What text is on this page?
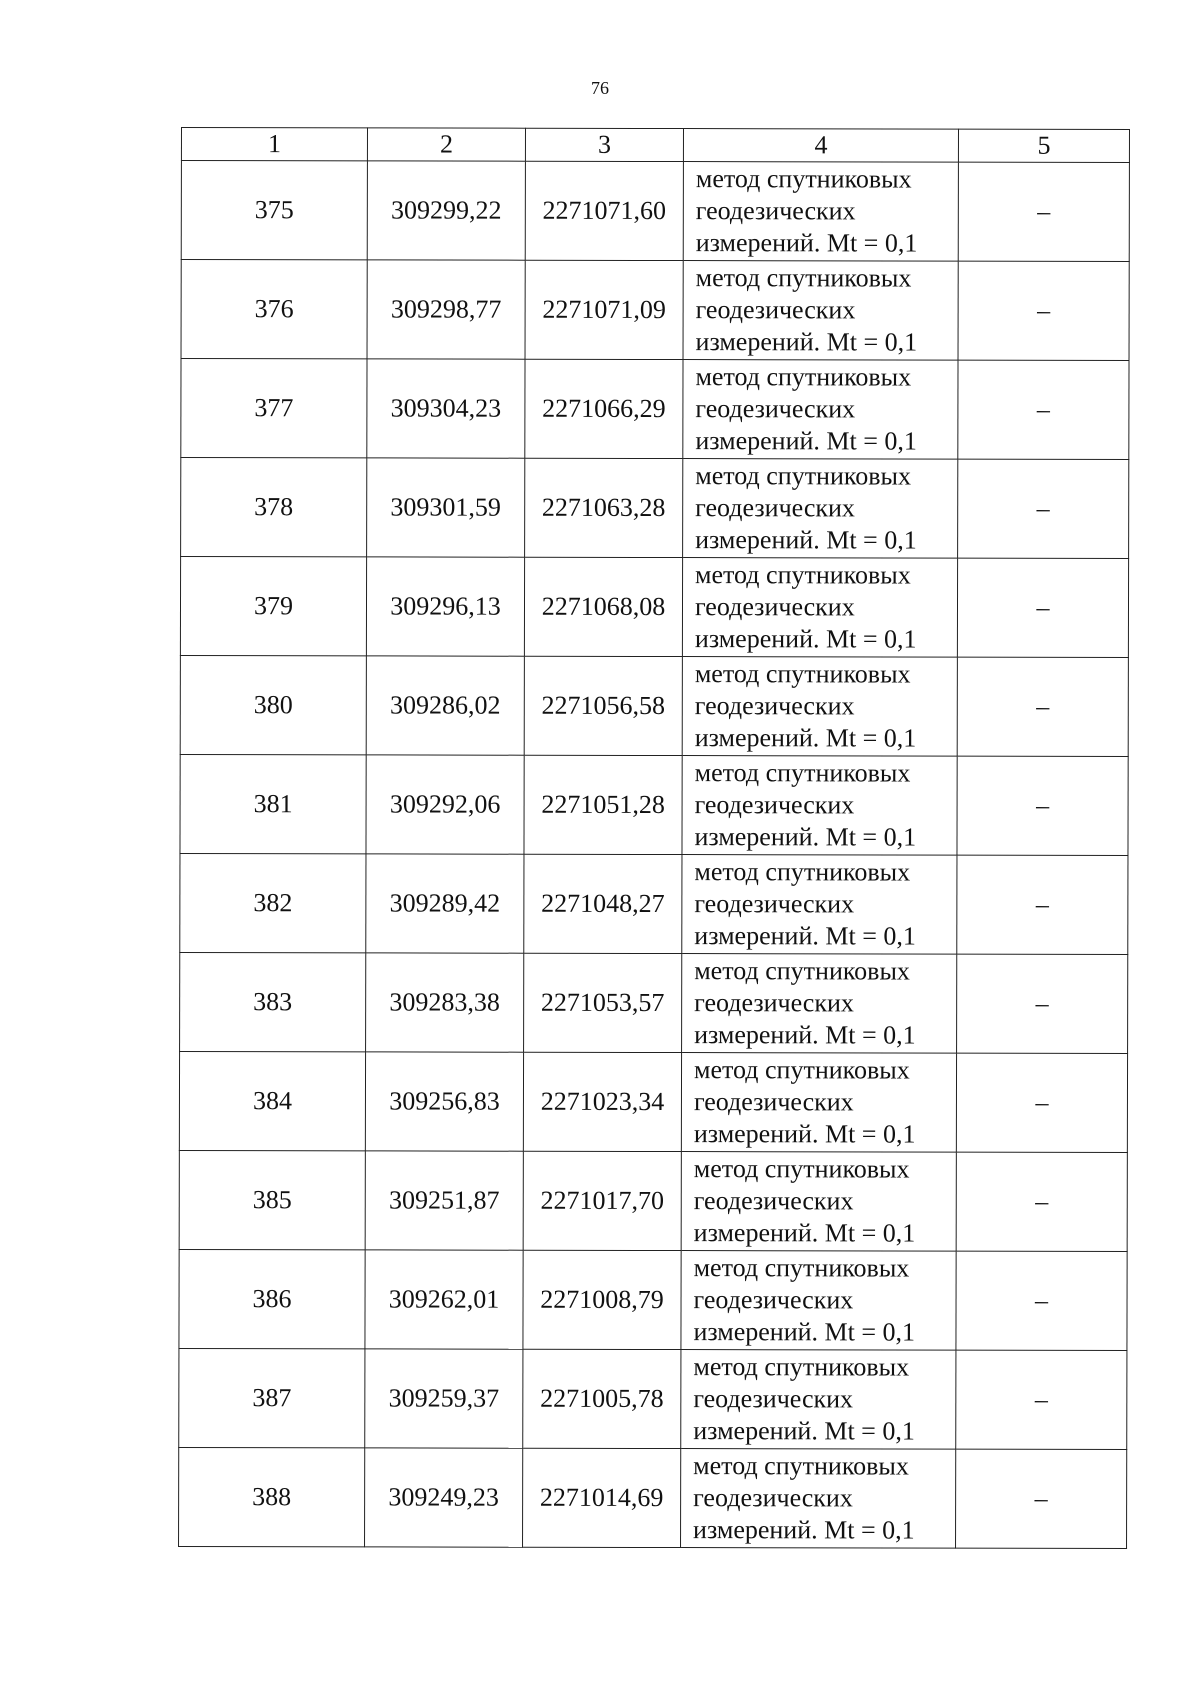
76
1	2	3	4	5
375	309299,22	2271071,60	метод спутниковых
геодезических
измерений. Mt = 0,1	–
376	309298,77	2271071,09	метод спутниковых
геодезических
измерений. Mt = 0,1	–
377	309304,23	2271066,29	метод спутниковых
геодезических
измерений. Mt = 0,1	–
378	309301,59	2271063,28	метод спутниковых
геодезических
измерений. Mt = 0,1	–
379	309296,13	2271068,08	метод спутниковых
геодезических
измерений. Mt = 0,1	–
380	309286,02	2271056,58	метод спутниковых
геодезических
измерений. Mt = 0,1	–
381	309292,06	2271051,28	метод спутниковых
геодезических
измерений. Mt = 0,1	–
382	309289,42	2271048,27	метод спутниковых
геодезических
измерений. Mt = 0,1	–
383	309283,38	2271053,57	метод спутниковых
геодезических
измерений. Mt = 0,1	–
384	309256,83	2271023,34	метод спутниковых
геодезических
измерений. Mt = 0,1	–
385	309251,87	2271017,70	метод спутниковых
геодезических
измерений. Mt = 0,1	–
386	309262,01	2271008,79	метод спутниковых
геодезических
измерений. Mt = 0,1	–
387	309259,37	2271005,78	метод спутниковых
геодезических
измерений. Mt = 0,1	–
388	309249,23	2271014,69	метод спутниковых
геодезических
измерений. Mt = 0,1	–
